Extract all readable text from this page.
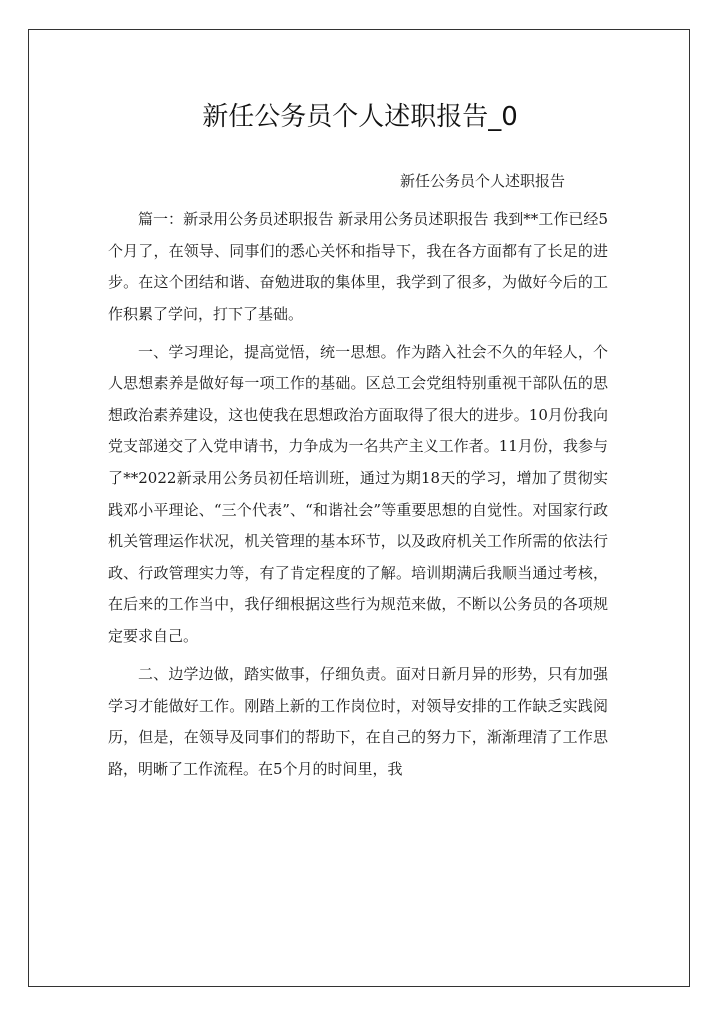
新任公务员个人述职报告_0
新任公务员个人述职报告

篇一：新录用公务员述职报告 新录用公务员述职报告 我到**工作已经5个月了，在领导、同事们的悉心关怀和指导下，我在各方面都有了长足的进步。在这个团结和谐、奋勉进取的集体里，我学到了很多，为做好今后的工作积累了学问，打下了基础。

一、学习理论，提高觉悟，统一思想。作为踏入社会不久的年轻人，个人思想素养是做好每一项工作的基础。区总工会党组特别重视干部队伍的思想政治素养建设，这也使我在思想政治方面取得了很大的进步。10月份我向党支部递交了入党申请书，力争成为一名共产主义工作者。11月份，我参与了**2022新录用公务员初任培训班，通过为期18天的学习，增加了贯彻实践邓小平理论、“三个代表”、“和谐社会”等重要思想的自觉性。对国家行政机关管理运作状况，机关管理的基本环节，以及政府机关工作所需的依法行政、行政管理实力等，有了肯定程度的了解。培训期满后我顺当通过考核，在后来的工作当中，我仔细根据这些行为规范来做，不断以公务员的各项规定要求自己。

二、边学边做，踏实做事，仔细负责。面对日新月异的形势，只有加强学习才能做好工作。刚踏上新的工作岗位时，对领导安排的工作缺乏实践阅历，但是，在领导及同事们的帮助下，在自己的努力下，渐渐理清了工作思路，明晰了工作流程。在5个月的时间里，我
